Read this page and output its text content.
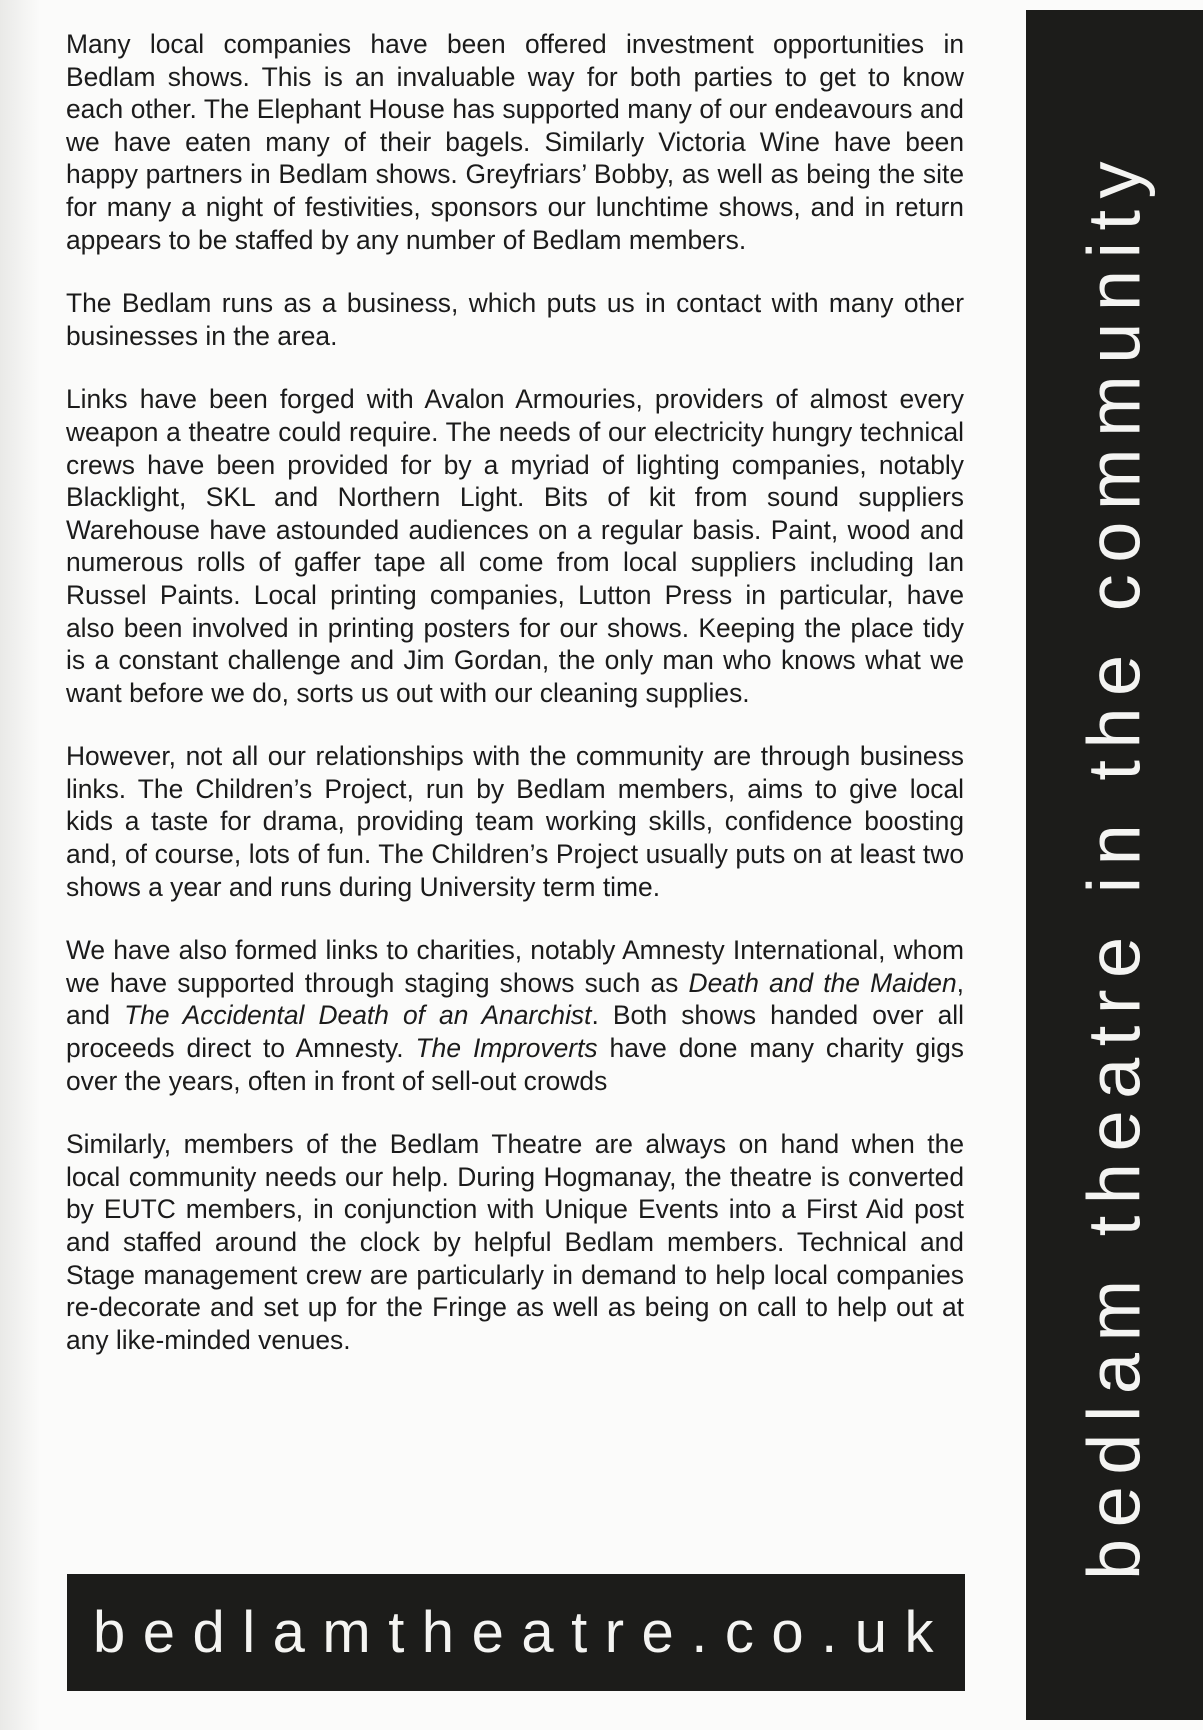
Many local companies have been offered investment opportunities in Bedlam shows. This is an invaluable way for both parties to get to know each other. The Elephant House has supported many of our endeavours and we have eaten many of their bagels. Similarly Victoria Wine have been happy partners in Bedlam shows. Greyfriars’ Bobby, as well as being the site for many a night of festivities, sponsors our lunchtime shows, and in return appears to be staffed by any number of Bedlam members.

The Bedlam runs as a business, which puts us in contact with many other businesses in the area.

Links have been forged with Avalon Armouries, providers of almost every weapon a theatre could require. The needs of our electricity hungry technical crews have been provided for by a myriad of lighting companies, notably Blacklight, SKL and Northern Light. Bits of kit from sound suppliers Warehouse have astounded audiences on a regular basis. Paint, wood and numerous rolls of gaffer tape all come from local suppliers including Ian Russel Paints. Local printing companies, Lutton Press in particular, have also been involved in printing posters for our shows. Keeping the place tidy is a constant challenge and Jim Gordan, the only man who knows what we want before we do, sorts us out with our cleaning supplies.

However, not all our relationships with the community are through business links. The Children’s Project, run by Bedlam members, aims to give local kids a taste for drama, providing team working skills, confidence boosting and, of course, lots of fun. The Children’s Project usually puts on at least two shows a year and runs during University term time.

We have also formed links to charities, notably Amnesty International, whom we have supported through staging shows such as Death and the Maiden, and The Accidental Death of an Anarchist. Both shows handed over all proceeds direct to Amnesty. The Improverts have done many charity gigs over the years, often in front of sell-out crowds

Similarly, members of the Bedlam Theatre are always on hand when the local community needs our help. During Hogmanay, the theatre is converted by EUTC members, in conjunction with Unique Events into a First Aid post and staffed around the clock by helpful Bedlam members. Technical and Stage management crew are particularly in demand to help local companies re-decorate and set up for the Fringe as well as being on call to help out at any like-minded venues.

bedlamtheatre.co.uk
bedlam theatre in the community
